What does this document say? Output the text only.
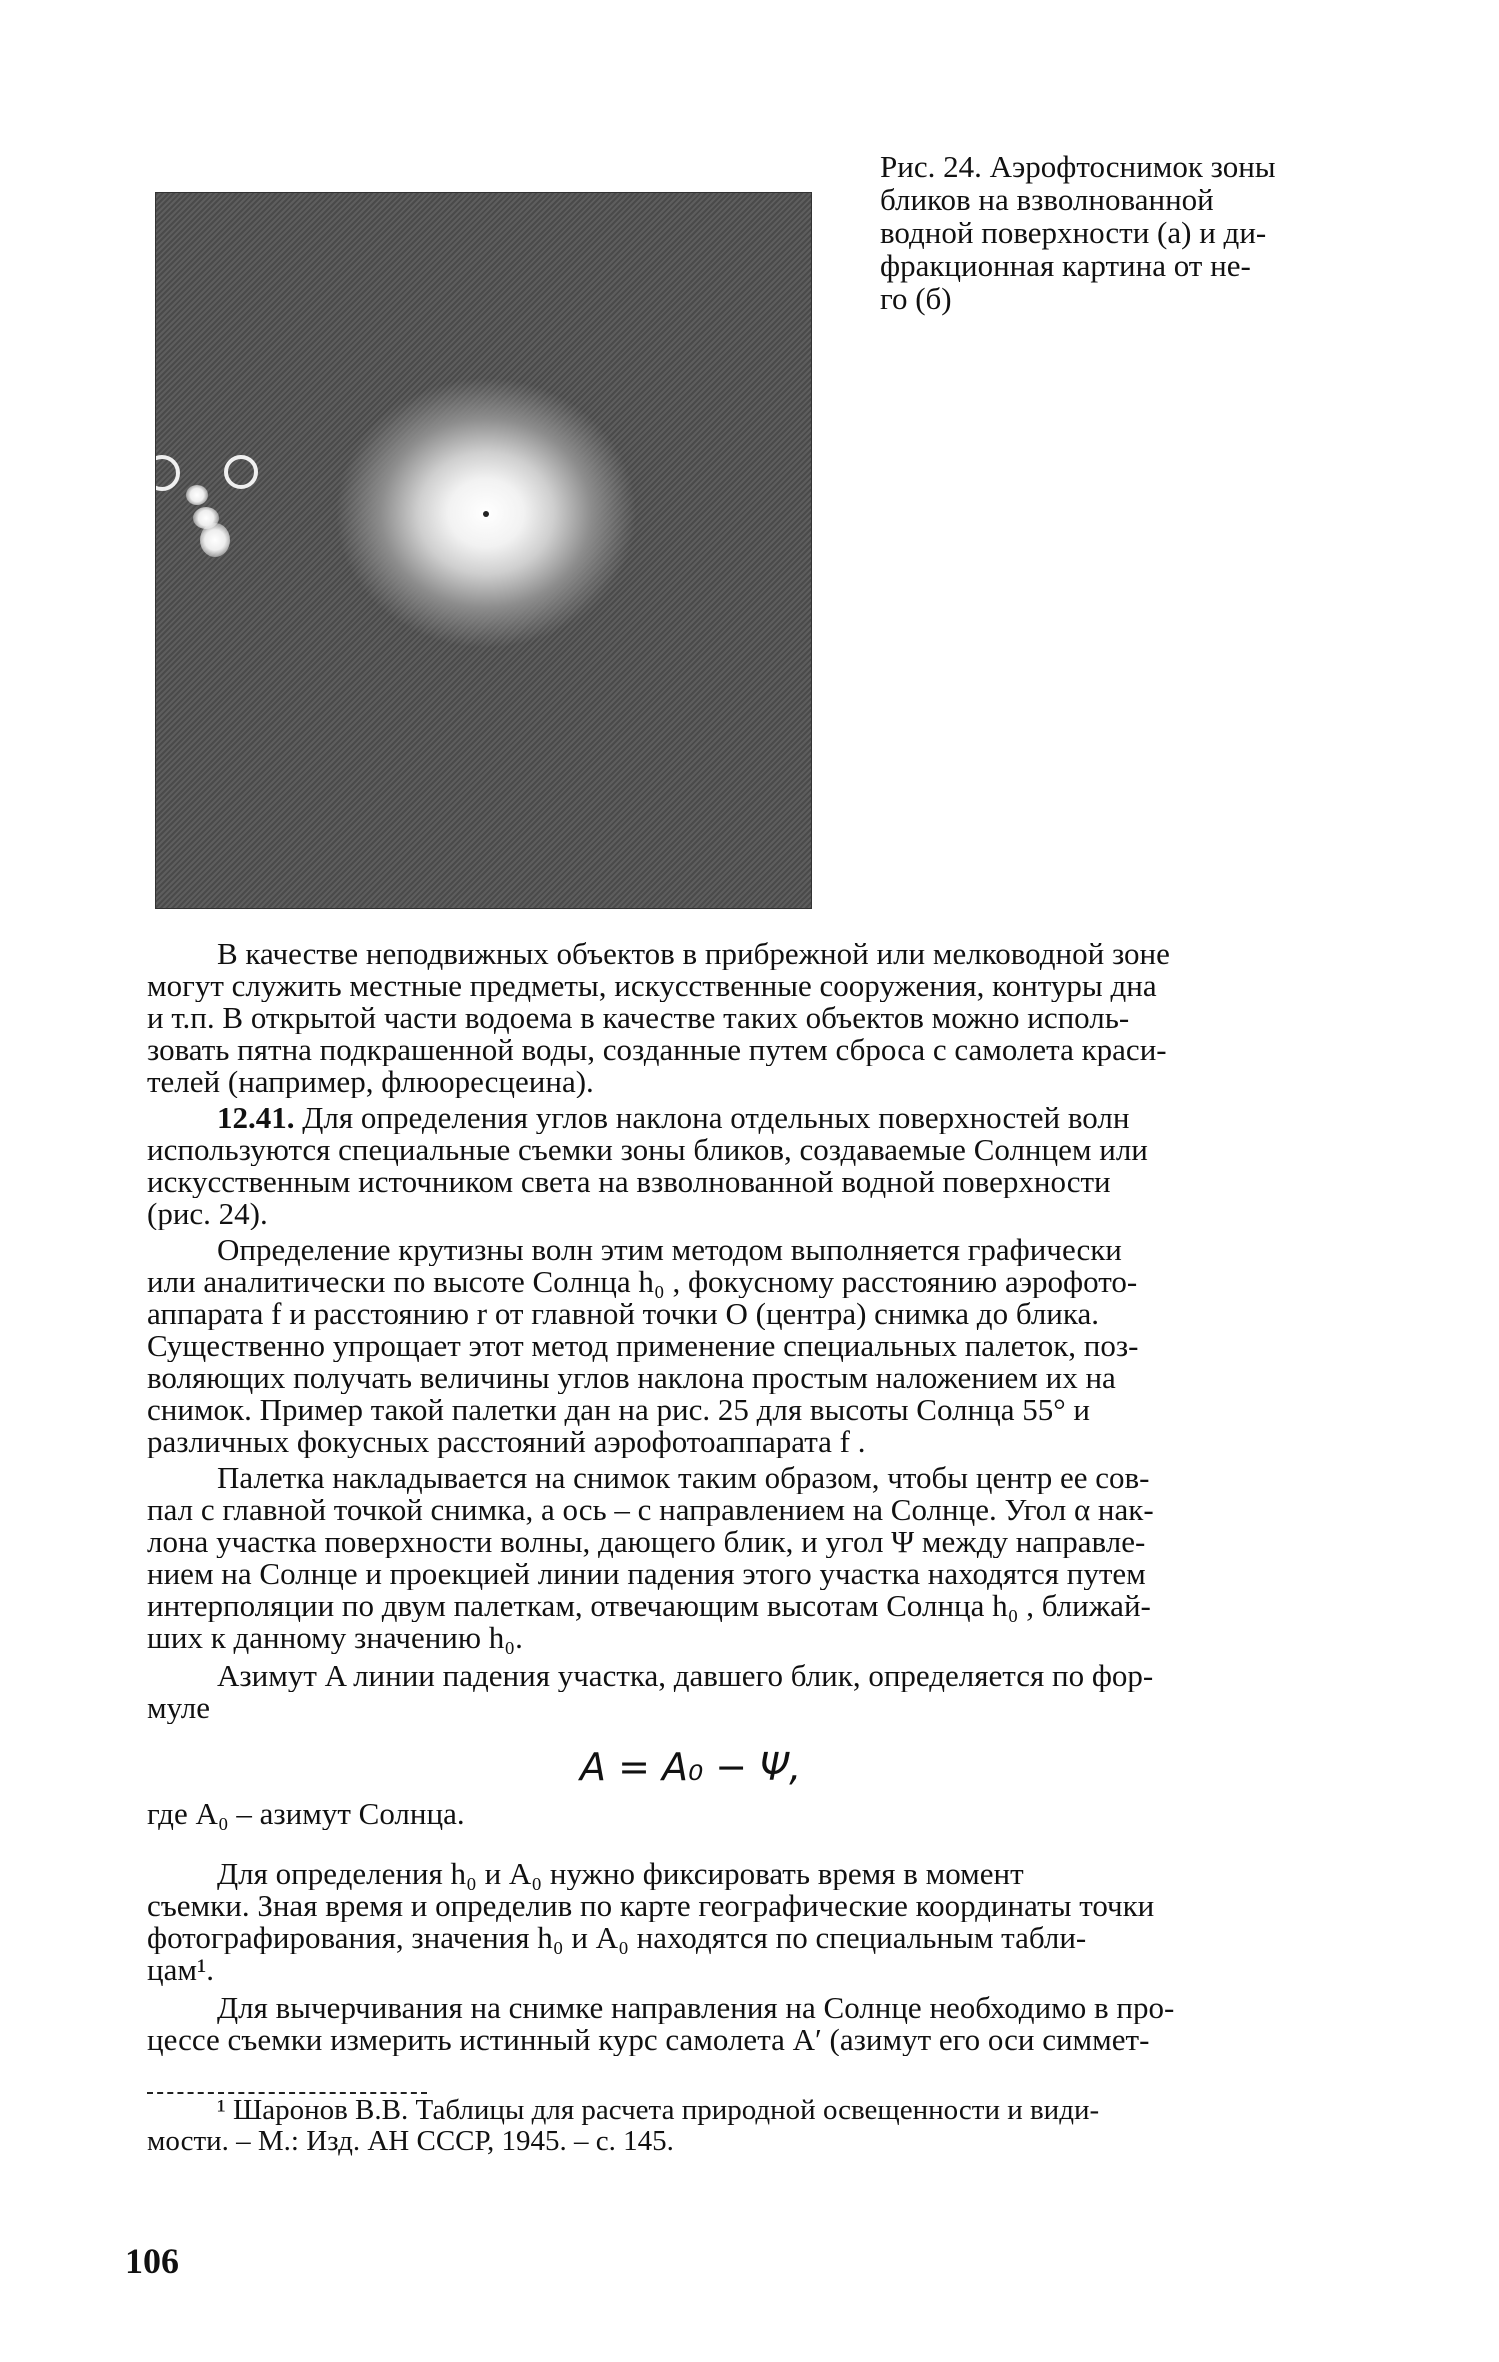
Рис. 24. Аэрофтоснимок зоны
бликов на взволнованной
водной поверхности (а) и ди-
фракционная картина от не-
го (б)
В качестве неподвижных объектов в прибрежной или мелководной зоне
могут служить местные предметы, искусственные сооружения, контуры дна
и т.п. В открытой части водоема в качестве таких объектов можно исполь-
зовать пятна подкрашенной воды, созданные путем сброса с самолета краси-
телей (например, флюоресцеина).
12.41. Для определения углов наклона отдельных поверхностей волн
используются специальные съемки зоны бликов, создаваемые Солнцем или
искусственным источником света на взволнованной водной поверхности
(рис. 24).
Определение крутизны волн этим методом выполняется графически
или аналитически по высоте Солнца h₀ , фокусному расстоянию аэрофото-
аппарата f и расстоянию r от главной точки О (центра) снимка до блика.
Существенно упрощает этот метод применение специальных палеток, поз-
воляющих получать величины углов наклона простым наложением их на
снимок. Пример такой палетки дан на рис. 25 для высоты Солнца 55° и
различных фокусных расстояний аэрофотоаппарата f .
Палетка накладывается на снимок таким образом, чтобы центр ее сов-
пал с главной точкой снимка, а ось – с направлением на Солнце. Угол α нак-
лона участка поверхности волны, дающего блик, и угол Ψ между направле-
нием на Солнце и проекцией линии падения этого участка находятся путем
интерполяции по двум палеткам, отвечающим высотам Солнца h₀ , ближай-
ших к данному значению h₀.
Азимут A линии падения участка, давшего блик, определяется по фор-
муле
A = A₀ − Ψ,
где A₀ – азимут Солнца.
Для определения h₀ и A₀ нужно фиксировать время в момент
съемки. Зная время и определив по карте географические координаты точки
фотографирования, значения h₀ и A₀ находятся по специальным табли-
цам¹.
Для вычерчивания на снимке направления на Солнце необходимо в про-
цессе съемки измерить истинный курс самолета A′ (азимут его оси симмет-
¹ Шаронов В.В. Таблицы для расчета природной освещенности и види-
мости. – М.: Изд. АН СССР, 1945. – с. 145.
106
